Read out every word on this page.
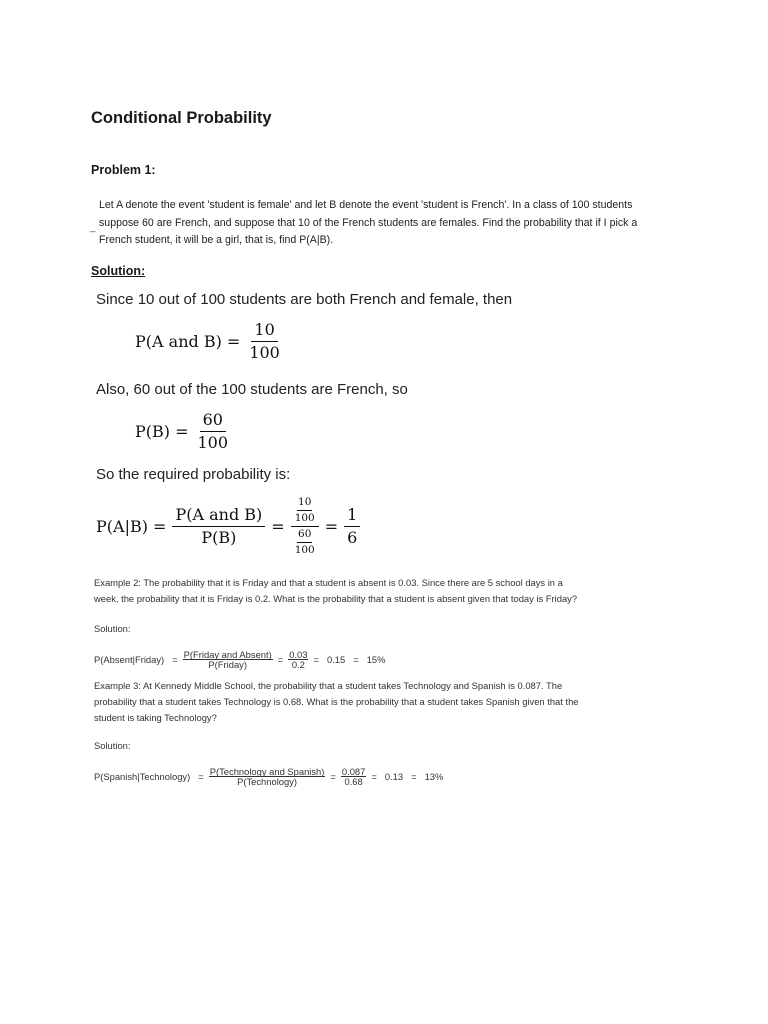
Conditional Probability
Problem 1:
_
Let A denote the event 'student is female' and let B denote the event 'student is French'. In a class of 100 students
suppose 60 are French, and suppose that 10 of the French students are females. Find the probability that if I pick a
French student, it will be a girl, that is, find P(A|B).
Solution:
Since 10 out of 100 students are both French and female, then
P(A and $B) = \frac{10}{100}$
Also, 60 out of the 100 students are French, so
$P(B) = \frac{60}{100}$
So the required probability is:
$P(A|B) = \frac{\text{P(A and B)}}{P(B)} = \frac{\frac{10}{100}}{\frac{60}{100}} = \frac{1}{6}$
Example 2: The probability that it is Friday and that a student is absent is 0.03. Since there are 5 school days in a
week, the probability that it is Friday is 0.2. What is the probability that a student is absent given that today is Friday?
Solution:
P(Absent|Friday) = $\frac{\text{P(Friday and Absent)}}{\text{P(Friday)}} = \frac{0.03}{0.2} = 0.15 = 15\%$
Example 3: At Kennedy Middle School, the probability that a student takes Technology and Spanish is 0.087. The
probability that a student takes Technology is 0.68. What is the probability that a student takes Spanish given that the
student is taking Technology?
Solution:
P(Spanish|Technology) = $\frac{\text{P(Technology and Spanish)}}{\text{P(Technology)}} = \frac{0.087}{0.68} = 0.13 = 13\%$
